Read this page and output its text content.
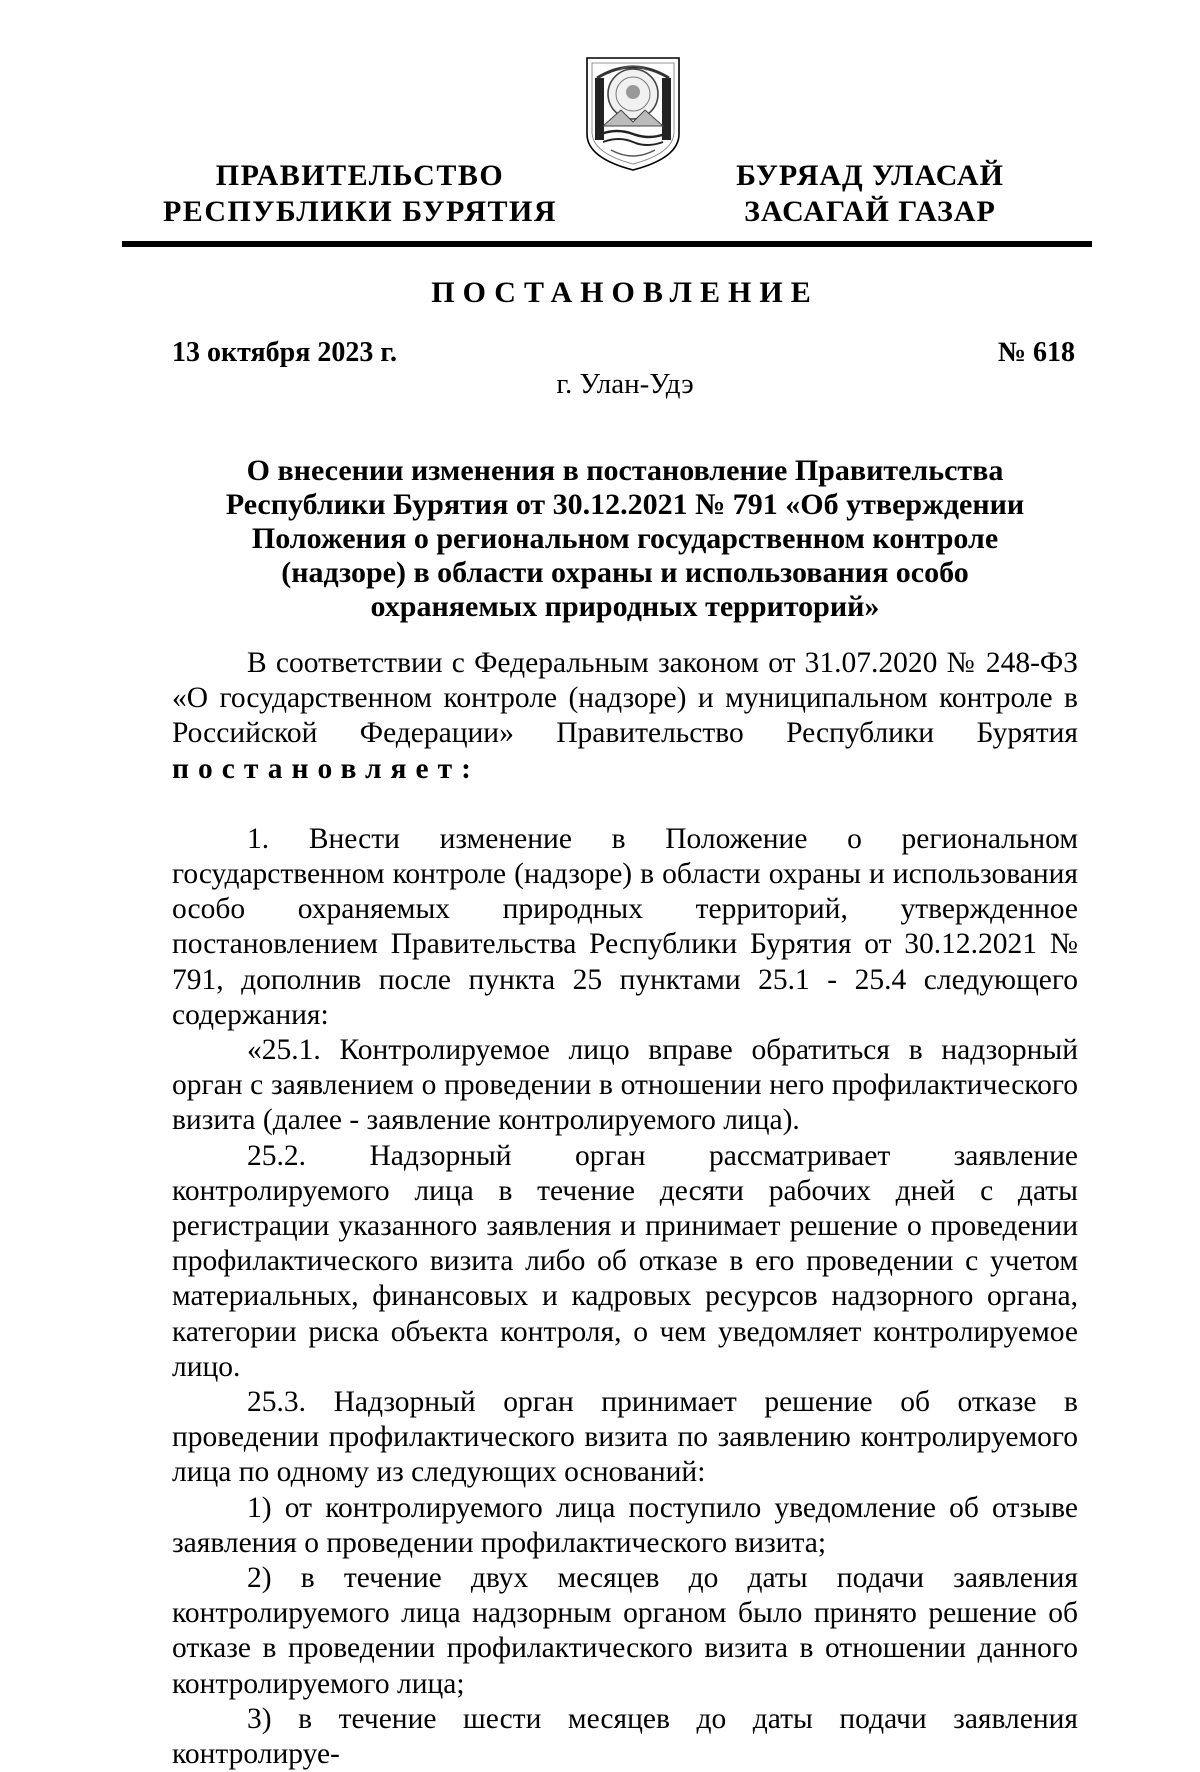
ПРАВИТЕЛЬСТВО
РЕСПУБЛИКИ БУРЯТИЯ
БУРЯАД УЛАСАЙ
ЗАСАГАЙ ГАЗАР
ПОСТАНОВЛЕНИЕ
13 октября 2023 г.	№ 618
г. Улан-Удэ
О внесении изменения в постановление Правительства
Республики Бурятия от 30.12.2021 № 791 «Об утверждении
Положения о региональном государственном контроле
(надзоре) в области охраны и использования особо
охраняемых природных территорий»

В соответствии с Федеральным законом от 31.07.2020 № 248-ФЗ «О государственном контроле (надзоре) и муниципальном контроле в Российской Федерации» Правительство Республики Бурятия постановляет:

1. Внести изменение в Положение о региональном государственном контроле (надзоре) в области охраны и использования особо охраняемых природных территорий, утвержденное постановлением Правительства Республики Бурятия от 30.12.2021 № 791, дополнив после пункта 25 пунктами 25.1 - 25.4 следующего содержания:

«25.1. Контролируемое лицо вправе обратиться в надзорный орган с заявлением о проведении в отношении него профилактического визита (далее - заявление контролируемого лица).

25.2. Надзорный орган рассматривает заявление контролируемого лица в течение десяти рабочих дней с даты регистрации указанного заявления и принимает решение о проведении профилактического визита либо об отказе в его проведении с учетом материальных, финансовых и кадровых ресурсов надзорного органа, категории риска объекта контроля, о чем уведомляет контролируемое лицо.

25.3. Надзорный орган принимает решение об отказе в проведении профилактического визита по заявлению контролируемого лица по одному из следующих оснований:

1) от контролируемого лица поступило уведомление об отзыве заявления о проведении профилактического визита;

2) в течение двух месяцев до даты подачи заявления контролируемого лица надзорным органом было принято решение об отказе в проведении профилактического визита в отношении данного контролируемого лица;

3) в течение шести месяцев до даты подачи заявления контролируе-
